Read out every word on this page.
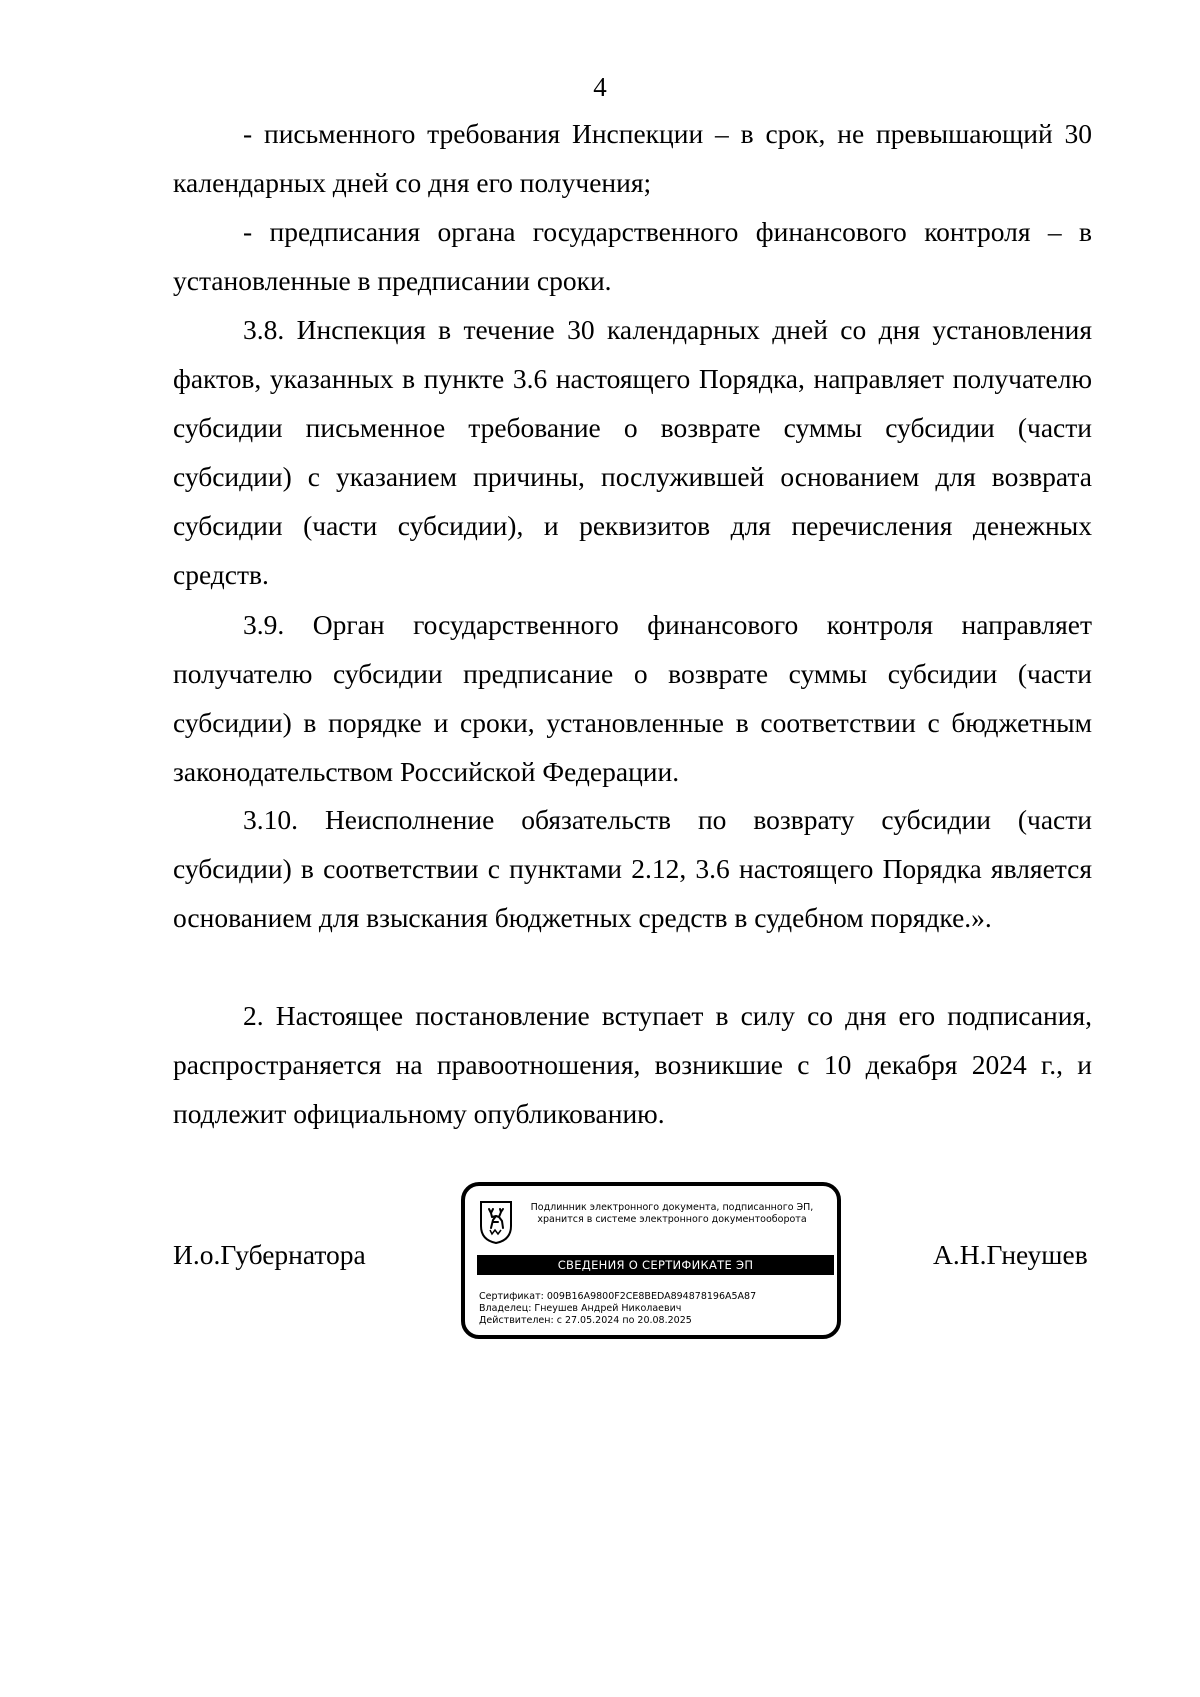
4

- письменного требования Инспекции – в срок, не превышающий 30 календарных дней со дня его получения;

- предписания органа государственного финансового контроля – в установленные в предписании сроки.

3.8. Инспекция в течение 30 календарных дней со дня установления фактов, указанных в пункте 3.6 настоящего Порядка, направляет получателю субсидии письменное требование о возврате суммы субсидии (части субсидии) с указанием причины, послужившей основанием для возврата субсидии (части субсидии), и реквизитов для перечисления денежных средств.

3.9. Орган государственного финансового контроля направляет получателю субсидии предписание о возврате суммы субсидии (части субсидии) в порядке и сроки, установленные в соответствии с бюджетным законодательством Российской Федерации.

3.10. Неисполнение обязательств по возврату субсидии (части субсидии) в соответствии с пунктами 2.12, 3.6 настоящего Порядка является основанием для взыскания бюджетных средств в судебном порядке.».

2. Настоящее постановление вступает в силу со дня его подписания, распространяется на правоотношения, возникшие с 10 декабря 2024 г., и подлежит официальному опубликованию.

И.о.Губернатора

Подлинник электронного документа, подписанного ЭП,

хранится в системе электронного документооборота

СВЕДЕНИЯ О СЕРТИФИКАТЕ ЭП

Сертификат: 009B16A9800F2CE8BEDA894878196A5A87

Владелец: Гнеушев Андрей Николаевич

Действителен: с 27.05.2024 по 20.08.2025

А.Н.Гнеушев
